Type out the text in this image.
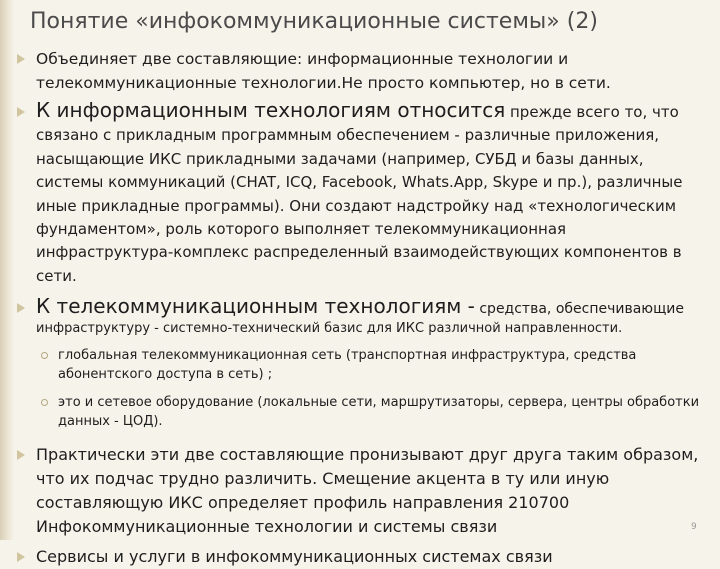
Понятие «инфокоммуникационные системы» (2)
Объединяет две составляющие: информационные технологии и телекоммуникационные технологии.Не просто компьютер, но в сети.
К информационным технологиям относится прежде всего то, что
связано с прикладным программным обеспечением - различные приложения, насыщающие ИКС прикладными задачами (например, СУБД и базы данных, системы коммуникаций (CHAT, ICQ, Facebook, Whats.App, Skype и пр.), различные иные прикладные программы). Они создают надстройку над «технологическим фундаментом», роль которого выполняет телекоммуникационная инфраструктура-комплекс распределенный взаимодействующих компонентов в сети.
К телекоммуникационным технологиям - средства, обеспечивающие
инфраструктуру - системно-технический базис для ИКС различной направленности.
глобальная телекоммуникационная сеть (транспортная инфраструктура, средства абонентского доступа в сеть) ;
это и сетевое оборудование (локальные сети, маршрутизаторы, сервера, центры обработки данных - ЦОД).
Практически эти две составляющие пронизывают друг друга таким образом, что их подчас трудно различить. Смещение акцента в ту или иную составляющую ИКС определяет профиль направления 210700 Инфокоммуникационные технологии и системы связи
Сервисы и услуги в инфокоммуникационных системах связи
9
